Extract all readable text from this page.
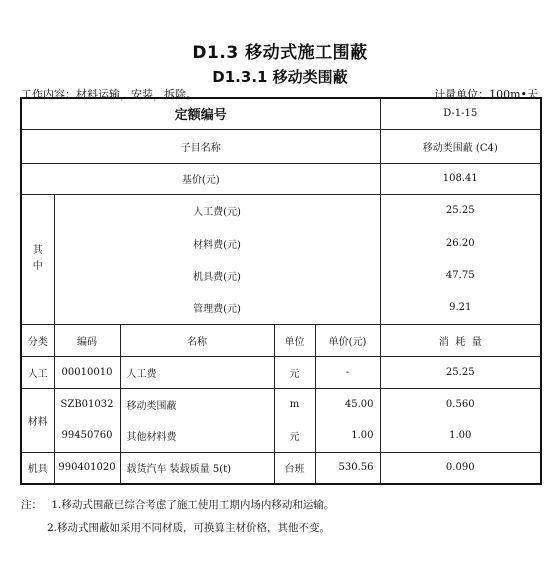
D1.3 移动式施工围蔽
D1.3.1 移动类围蔽
工作内容：材料运输，安装，拆除。	计量单位：100m•天
定额编号					D-1-15
子目名称					移动类围蔽 (C4)
基价(元)					108.41
其中	人工费(元)				25.25
	材料费(元)				26.20
	机具费(元)				47.75
	管理费(元)				9.21
分类	编码	名称	单位	单价(元)	消  耗  量
人工	00010010	人工费	元	-	25.25
材料	SZB01032	移动类围蔽	m	45.00	0.560
	99450760	其他材料费	元	1.00	1.00
机具	990401020	载货汽车 装载质量 5(t)	台班	530.56	0.090
注： 1.移动式围蔽已综合考虑了施工使用工期内场内移动和运输。
2.移动式围蔽如采用不同材质，可换算主材价格，其他不变。
